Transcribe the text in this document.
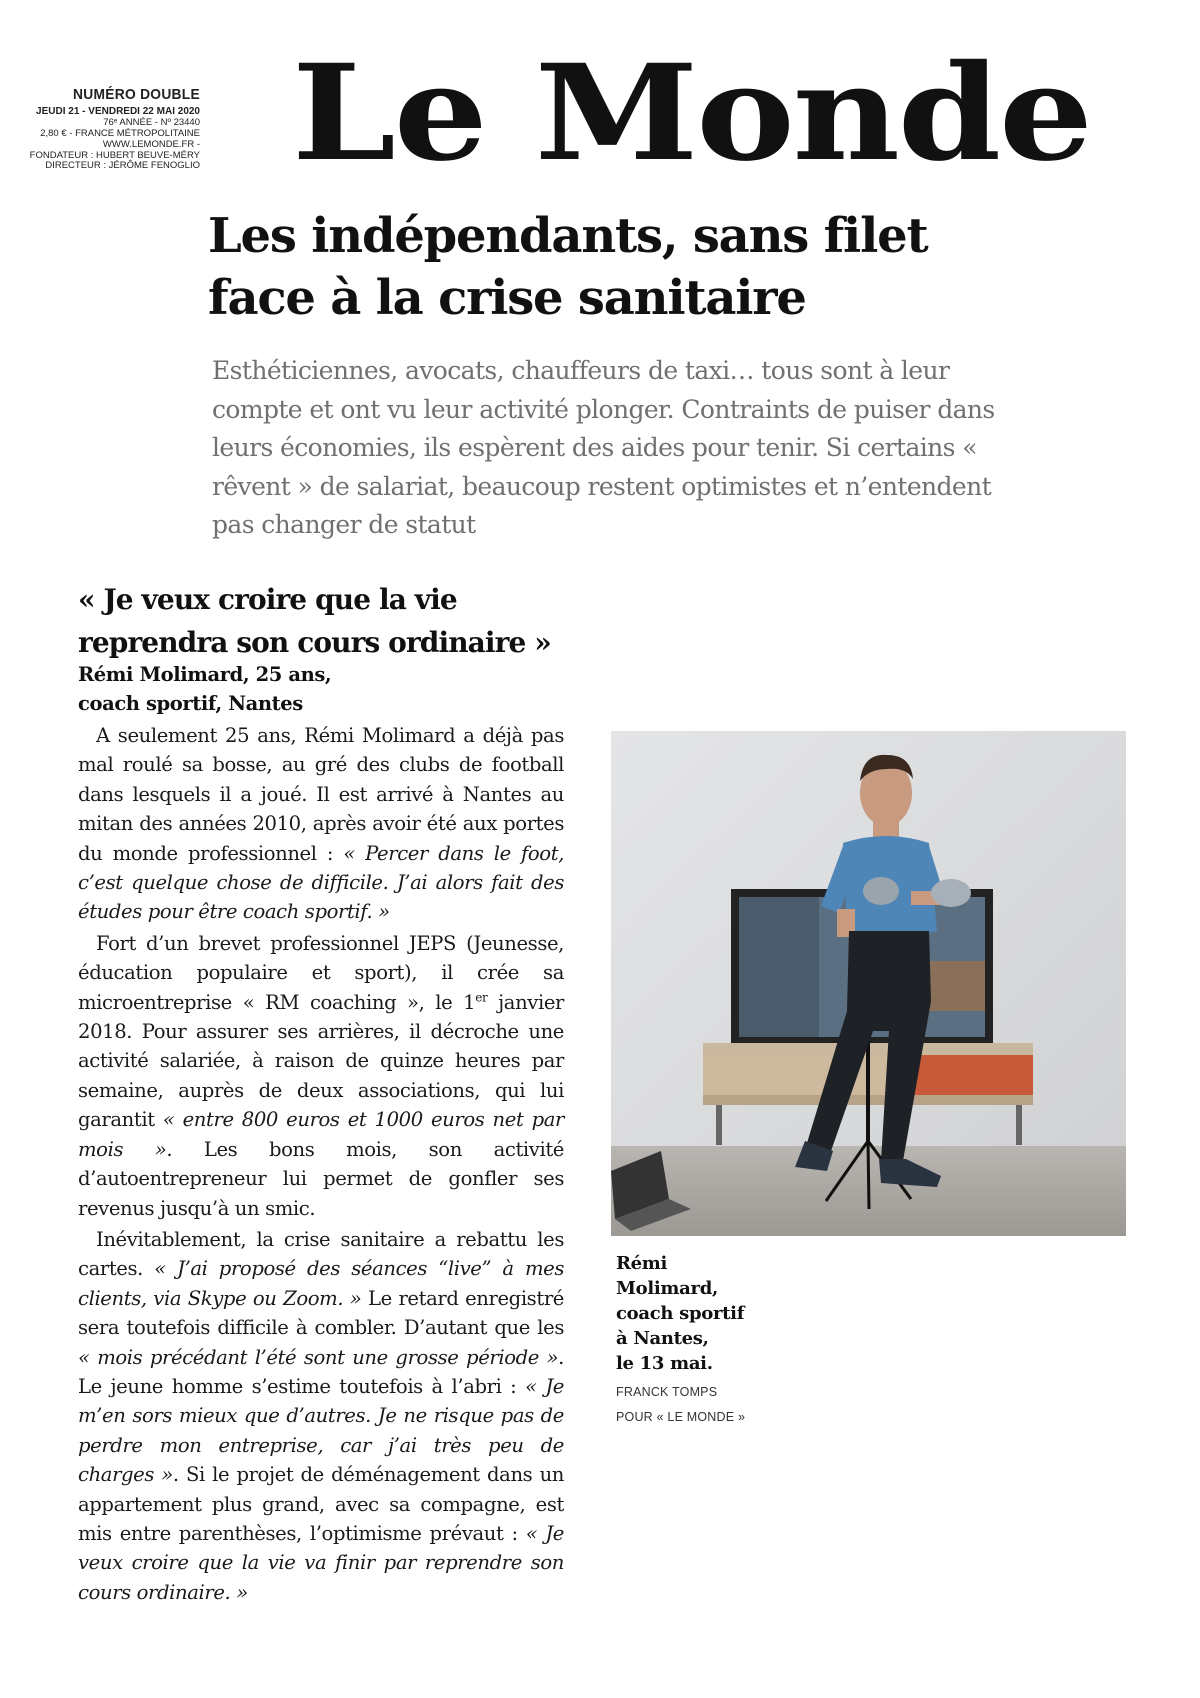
NUMÉRO DOUBLE
JEUDI 21 - VENDREDI 22 MAI 2020
76ᵉ ANNÉE - Nº 23440
2,80 € - FRANCE MÉTROPOLITAINE
WWW.LEMONDE.FR -
FONDATEUR : HUBERT BEUVE-MÉRY
DIRECTEUR : JÉRÔME FENOGLIO Le Monde
Les indépendants, sans filet
face à la crise sanitaire

Esthéticiennes, avocats, chauffeurs de taxi… tous sont à leur compte et ont vu leur activité plonger. Contraints de puiser dans leurs économies, ils espèrent des aides pour tenir. Si certains « rêvent » de salariat, beaucoup restent optimistes et n’entendent pas changer de statut

« Je veux croire que la vie reprendra son cours ordinaire »

Rémi Molimard, 25 ans,
coach sportif, Nantes

A seulement 25 ans, Rémi Molimard a déjà pas mal roulé sa bosse, au gré des clubs de football dans lesquels il a joué. Il est arrivé à Nantes au mitan des années 2010, après avoir été aux portes du monde professionnel : « Percer dans le foot, c’est quelque chose de difficile. J’ai alors fait des études pour être coach sportif. »

Fort d’un brevet professionnel JEPS (Jeunesse, éducation populaire et sport), il crée sa microentreprise « RM coaching », le 1er janvier 2018. Pour assurer ses arrières, il décroche une activité salariée, à raison de quinze heures par semaine, auprès de deux associations, qui lui garantit « entre 800 euros et 1000 euros net par mois ». Les bons mois, son activité d’autoentrepreneur lui permet de gonfler ses revenus jusqu’à un smic.

Inévitablement, la crise sanitaire a rebattu les cartes. « J’ai proposé des séances “live” à mes clients, via Skype ou Zoom. » Le retard enregistré sera toutefois difficile à combler. D’autant que les « mois précédant l’été sont une grosse période ». Le jeune homme s’estime toutefois à l’abri : « Je m’en sors mieux que d’autres. Je ne risque pas de perdre mon entreprise, car j’ai très peu de charges ». Si le projet de déménagement dans un appartement plus grand, avec sa compagne, est mis entre parenthèses, l’optimisme prévaut : « Je veux croire que la vie va finir par reprendre son cours ordinaire. »

Rémi
Molimard,
coach sportif
à Nantes,
le 13 mai.
FRANCK TOMPS
POUR « LE MONDE »
